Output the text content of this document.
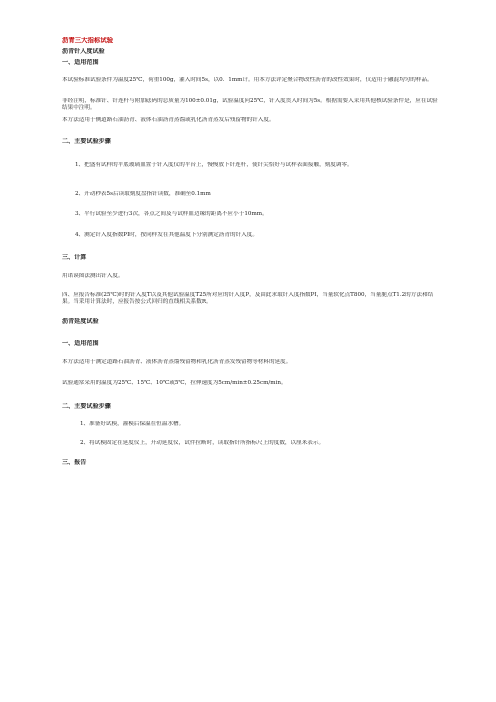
沥青三大指标试验
沥青针入度试验
一、适用范围
本试验标准试验条件为温度25℃，荷重100g，灌入时间5s，以0．1mm计。用本方法评定聚合物改性沥青的改性效果时，仅适用于融混均匀的样品。
非经注明，标准针、针连杆与附加砝码的总质量为100±0.01g，试验温度问25℃，针入度贯入时间为5s。根据需要入采用其他核试验条件是，应在试验结果中注明。
本方法适用于侧道路石油沥青、液体石油沥青蒸馏或乳化沥青蒸发后残留物的针入度。
二、主要试验步骤
1、把盛有试样的平底玻璃皿置于针入度仪的平台上，慢慢放下针连杆，使针尖恰好与试样表面接触，刻度调零。
2、开动秒表5s后读取刻度盘指针读数，准确至0.1mm
3、平行试验至少进行3次，各点之间及与试样皿边缘的距离不应小于10mm。
4、测定针入度指数PI时，按同样发在其他温度下分别测定沥青的针入度。
三、计算
用诺谟图法测出针入度。
四、应报告标准(25℃)时的针入度T以及其他试验温度T25所对应的针入度P，及由此求取针入度指数PI，当量软化点T800，当量脆点T1.2的方法和结果。当采用计算法时，应报告按公式回归的直线相关系数R。
沥青延度试验
一、适用范围
本方法适用于测定道路石油沥青、液体沥青蒸馏残留物和乳化沥青蒸发残留物等材料的延度。
试验通常采用的温度为25℃、15℃、10℃或5℃，拉伸速度为5cm/min±0.25cm/min。
二、主要试验步骤
1、准备好试模，灌模后保温在恒温水槽。
2、将试模固定在延度仪上，开动延度仪，试件拉断时，读取指针所指标尺上的度数，以厘米表示。
三、报告
